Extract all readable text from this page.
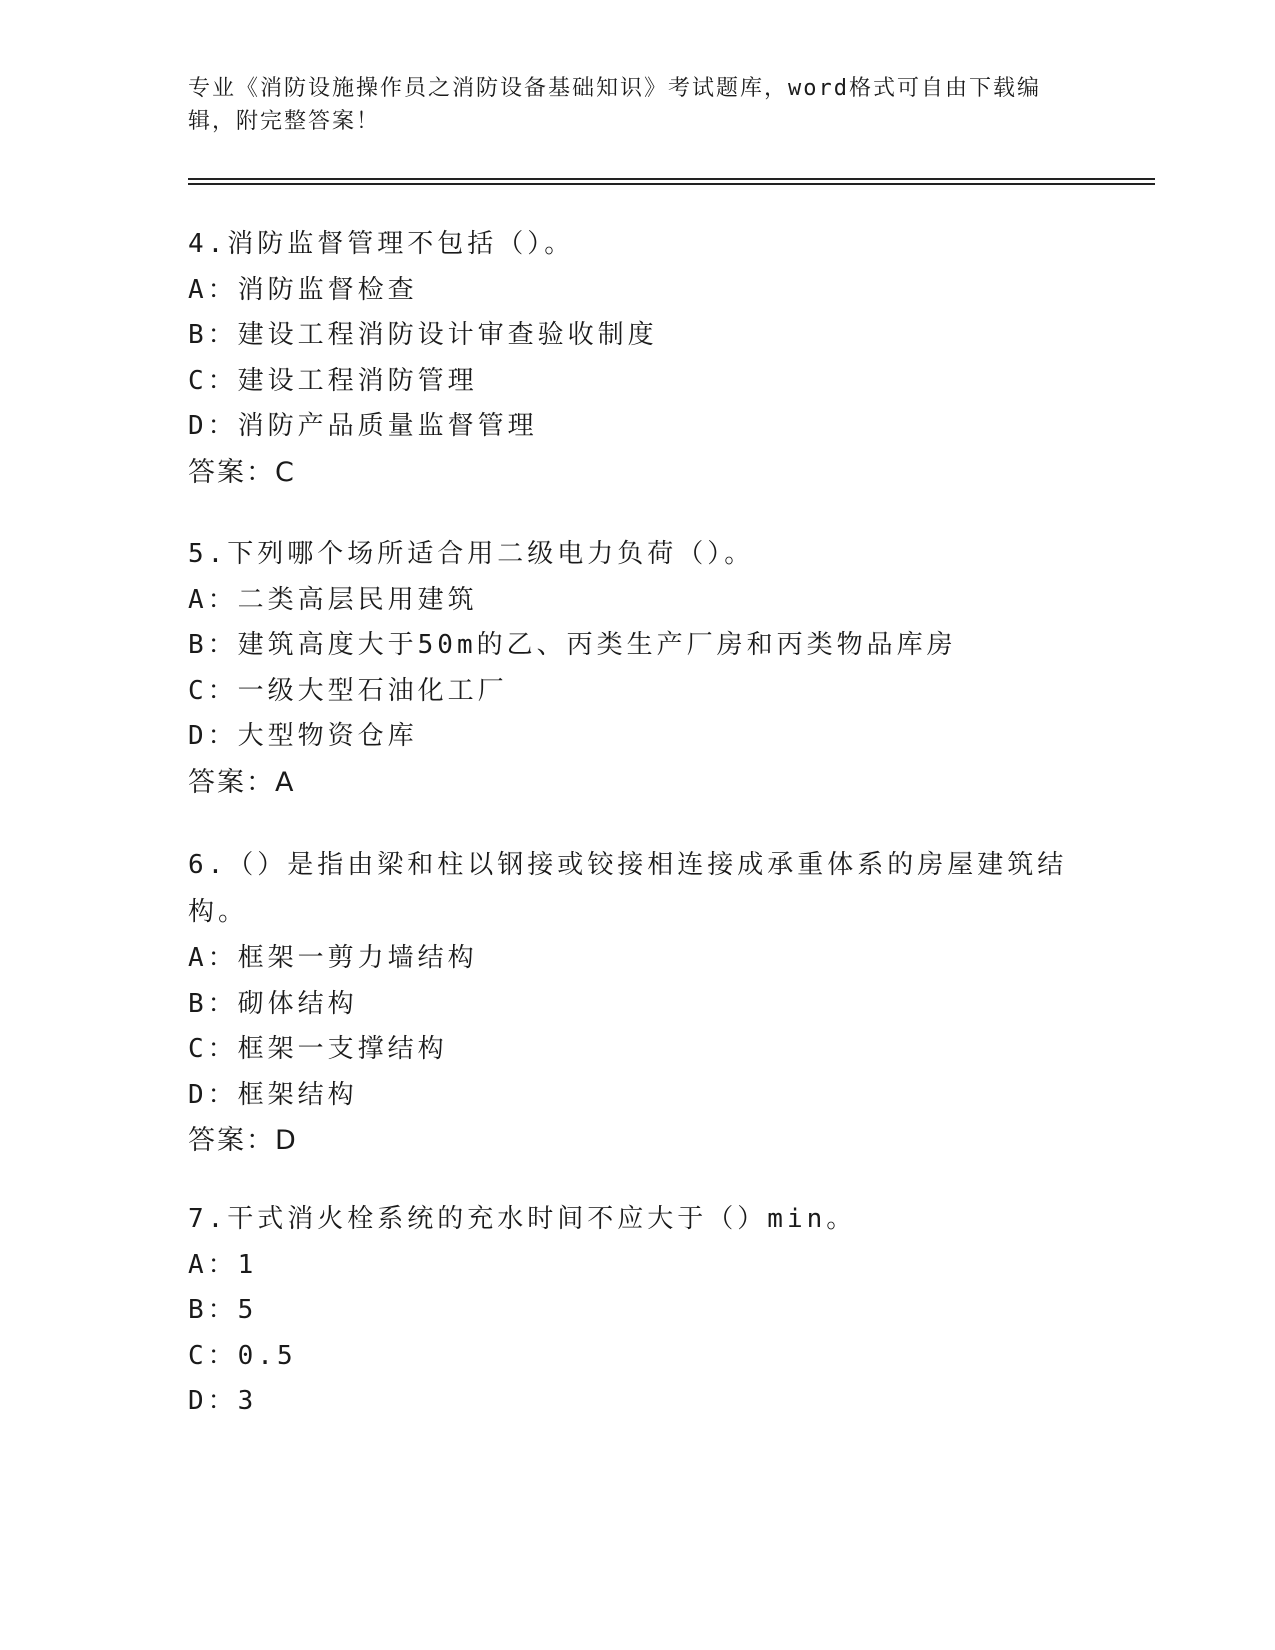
专业《消防设施操作员之消防设备基础知识》考试题库，word格式可自由下载编辑，附完整答案！

4.消防监督管理不包括（）。

A：消防监督检查

B：建设工程消防设计审查验收制度

C：建设工程消防管理

D：消防产品质量监督管理

答案：C

5.下列哪个场所适合用二级电力负荷（）。

A：二类高层民用建筑

B：建筑高度大于50m的乙、丙类生产厂房和丙类物品库房

C：一级大型石油化工厂

D：大型物资仓库

答案：A

6.（）是指由梁和柱以钢接或铰接相连接成承重体系的房屋建筑结构。

A：框架一剪力墙结构

B：砌体结构

C：框架一支撑结构

D：框架结构

答案：D

7.干式消火栓系统的充水时间不应大于（）min。

A：1

B：5

C：0.5

D：3
